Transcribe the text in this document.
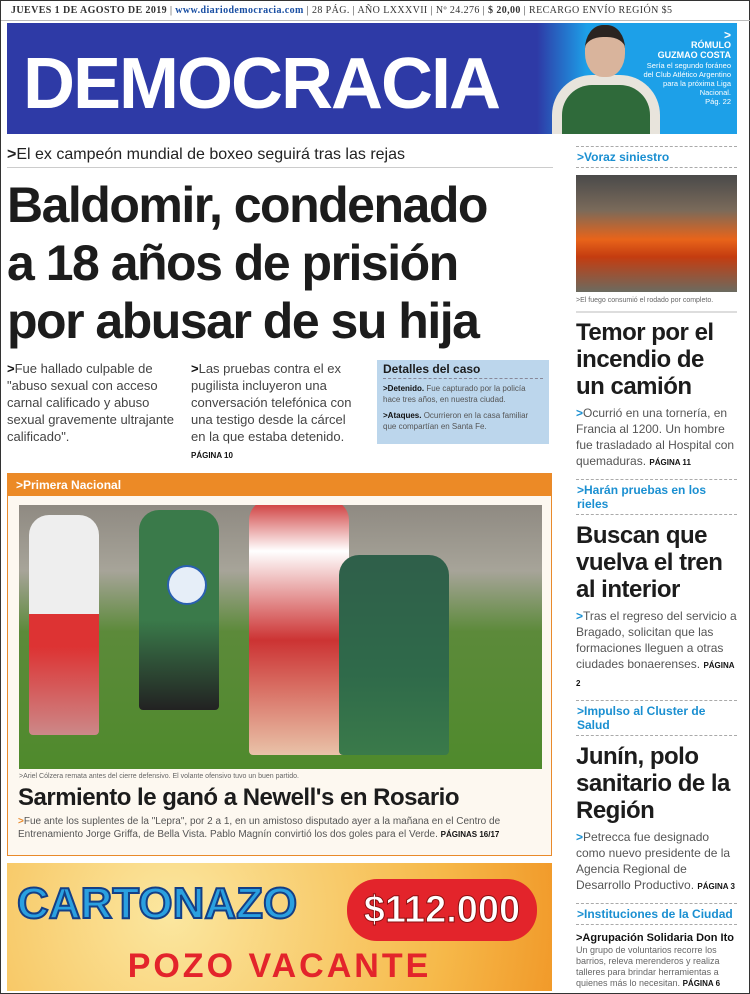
JUEVES 1 DE AGOSTO DE 2019 | www.diariodemocracia.com | 28 PÁG. | AÑO LXXXVII | Nº 24.276 | $ 20,00 | RECARGO ENVÍO REGIÓN $5
DEMOCRACIA
>
RÓMULO
GUZMAO COSTA
Sería el segundo foráneo del Club Atlético Argentino para la próxima Liga Nacional.
Pág. 22
>El ex campeón mundial de boxeo seguirá tras las rejas
Baldomir, condenado
a 18 años de prisión
por abusar de su hija
>Fue hallado culpable de "abuso sexual con acceso carnal calificado y abuso sexual gravemente ultrajante calificado".
>Las pruebas contra el ex pugilista incluyeron una conversación telefónica con una testigo desde la cárcel en la que estaba detenido. PÁGINA 10
Detalles del caso

>Detenido. Fue capturado por la policía hace tres años, en nuestra ciudad.

>Ataques. Ocurrieron en la casa familiar que compartían en Santa Fe.

>Primera Nacional
>Ariel Cólzera remata antes del cierre defensivo. El volante ofensivo tuvo un buen partido.
Sarmiento le ganó a Newell's en Rosario
>Fue ante los suplentes de la "Lepra", por 2 a 1, en un amistoso disputado ayer a la mañana en el Centro de Entrenamiento Jorge Griffa, de Bella Vista. Pablo Magnín convirtió los dos goles para el Verde. PÁGINAS 16/17
CARTONAZO	$112.000
POZO VACANTE
>Voraz siniestro
>El fuego consumió el rodado por completo.
Temor por el incendio de un camión
>Ocurrió en una tornería, en Francia al 1200. Un hombre fue trasladado al Hospital con quemaduras. PÁGINA 11
>Harán pruebas en los rieles
Buscan que vuelva el tren al interior
>Tras el regreso del servicio a Bragado, solicitan que las formaciones lleguen a otras ciudades bonaerenses. PÁGINA 2
>Impulso al Cluster de Salud
Junín, polo sanitario de la Región
>Petrecca fue designado como nuevo presidente de la Agencia Regional de Desarrollo Productivo. PÁGINA 3
>Instituciones de la Ciudad
>Agrupación Solidaria Don Ito

Un grupo de voluntarios recorre los barrios, releva merenderos y realiza talleres para brindar herramientas a quienes más lo necesitan. PÁGINA 6
